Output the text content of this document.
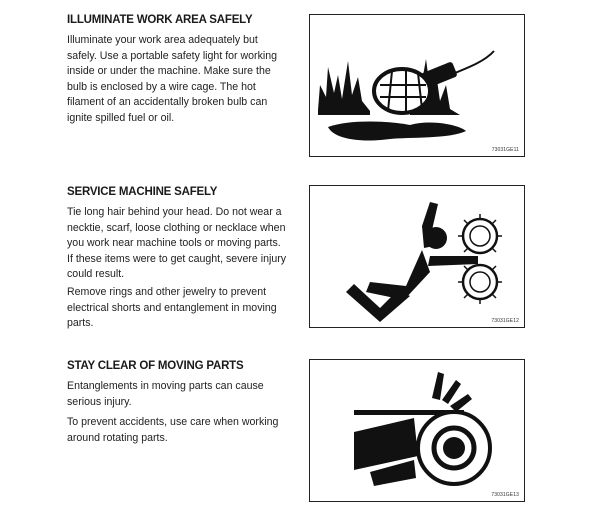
ILLUMINATE WORK AREA SAFELY

Illuminate your work area adequately but safely. Use a portable safety light for working inside or under the machine. Make sure the bulb is enclosed by a wire cage. The hot filament of an accidentally broken bulb can ignite spilled fuel or oil.

73031GE11
SERVICE MACHINE SAFELY

Tie long hair behind your head. Do not wear a necktie, scarf, loose clothing or necklace when you work near machine tools or moving parts. If these items were to get caught, severe injury could result.

Remove rings and other jewelry to prevent electrical shorts and entanglement in moving parts.	73031GE12
STAY CLEAR OF MOVING PARTS

Entanglements in moving parts can cause serious injury.

To prevent accidents, use care when working around rotating parts.

73031GE13
